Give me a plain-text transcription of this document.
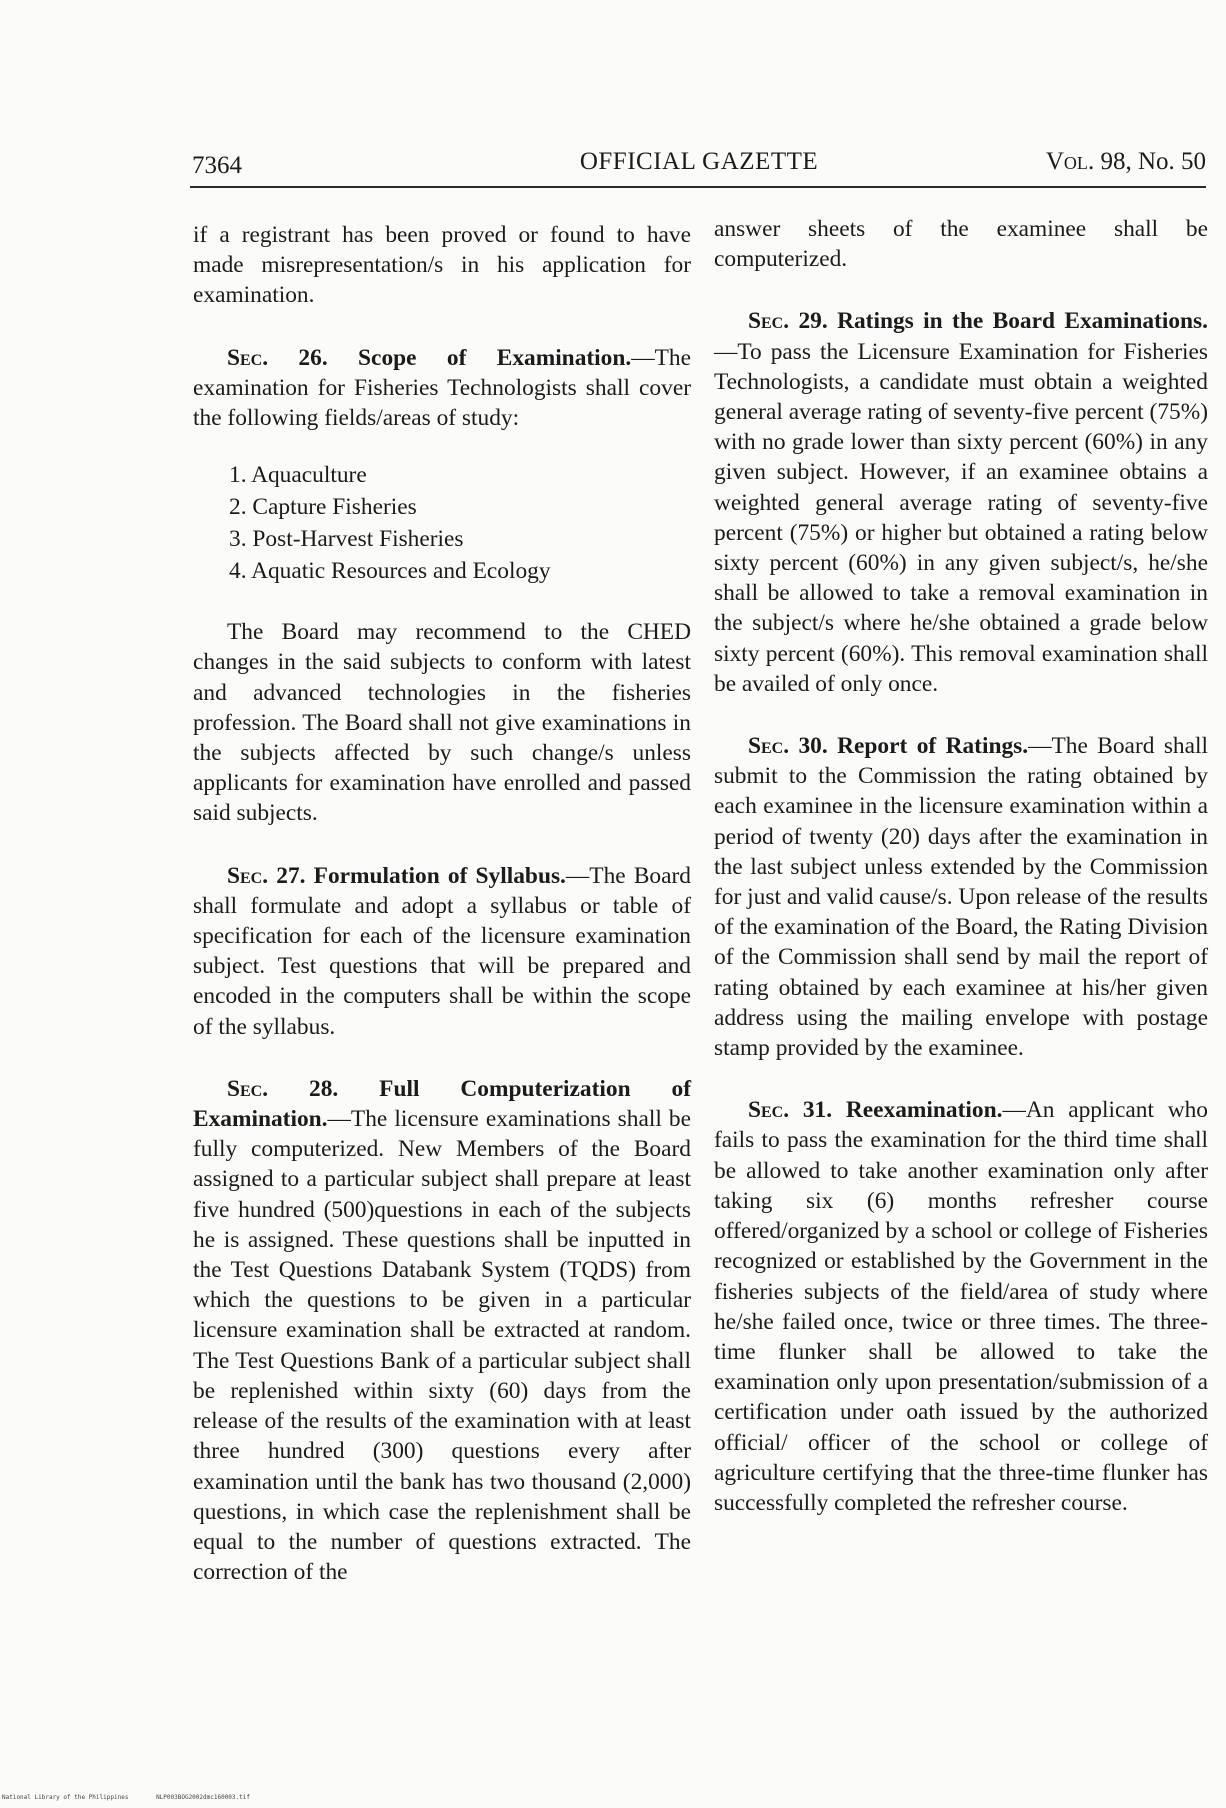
7364	OFFICIAL GAZETTE	Vol. 98, No. 50

if a registrant has been proved or found to have made misrepresentation/s in his application for examination.

Sec. 26. Scope of Examination.—The examination for Fisheries Technologists shall cover the following fields/areas of study:

1. Aquaculture
2. Capture Fisheries
3. Post-Harvest Fisheries
4. Aquatic Resources and Ecology

The Board may recommend to the CHED changes in the said subjects to conform with latest and advanced technologies in the fisheries profession. The Board shall not give examinations in the subjects affected by such change/s unless applicants for examination have enrolled and passed said subjects.

Sec. 27. Formulation of Syllabus.—The Board shall formulate and adopt a syllabus or table of specification for each of the licensure examination subject. Test questions that will be prepared and encoded in the computers shall be within the scope of the syllabus.

Sec. 28. Full Computerization of Examination.—The licensure examinations shall be fully computerized. New Members of the Board assigned to a particular subject shall prepare at least five hundred (500)questions in each of the subjects he is assigned. These questions shall be inputted in the Test Questions Databank System (TQDS) from which the questions to be given in a particular licensure examination shall be extracted at random. The Test Questions Bank of a particular subject shall be replenished within sixty (60) days from the release of the results of the examination with at least three hundred (300) questions every after examination until the bank has two thousand (2,000) questions, in which case the replenishment shall be equal to the number of questions extracted. The correction of the

answer sheets of the examinee shall be computerized.

Sec. 29. Ratings in the Board Examinations.—To pass the Licensure Examination for Fisheries Technologists, a candidate must obtain a weighted general average rating of seventy-five percent (75%) with no grade lower than sixty percent (60%) in any given subject. However, if an examinee obtains a weighted general average rating of seventy-five percent (75%) or higher but obtained a rating below sixty percent (60%) in any given subject/s, he/she shall be allowed to take a removal examination in the subject/s where he/she obtained a grade below sixty percent (60%). This removal examination shall be availed of only once.

Sec. 30. Report of Ratings.—The Board shall submit to the Commission the rating obtained by each examinee in the licensure examination within a period of twenty (20) days after the examination in the last subject unless extended by the Commission for just and valid cause/s. Upon release of the results of the examination of the Board, the Rating Division of the Commission shall send by mail the report of rating obtained by each examinee at his/her given address using the mailing envelope with postage stamp provided by the examinee.

Sec. 31. Reexamination.—An applicant who fails to pass the examination for the third time shall be allowed to take another examination only after taking six (6) months refresher course offered/organized by a school or college of Fisheries recognized or established by the Government in the fisheries subjects of the field/area of study where he/she failed once, twice or three times. The three-time flunker shall be allowed to take the examination only upon presentation/submission of a certification under oath issued by the authorized official/ officer of the school or college of agriculture certifying that the three-time flunker has successfully completed the refresher course.

National Library of the Philippines	NLP003BOG2002dmc160003.tif
